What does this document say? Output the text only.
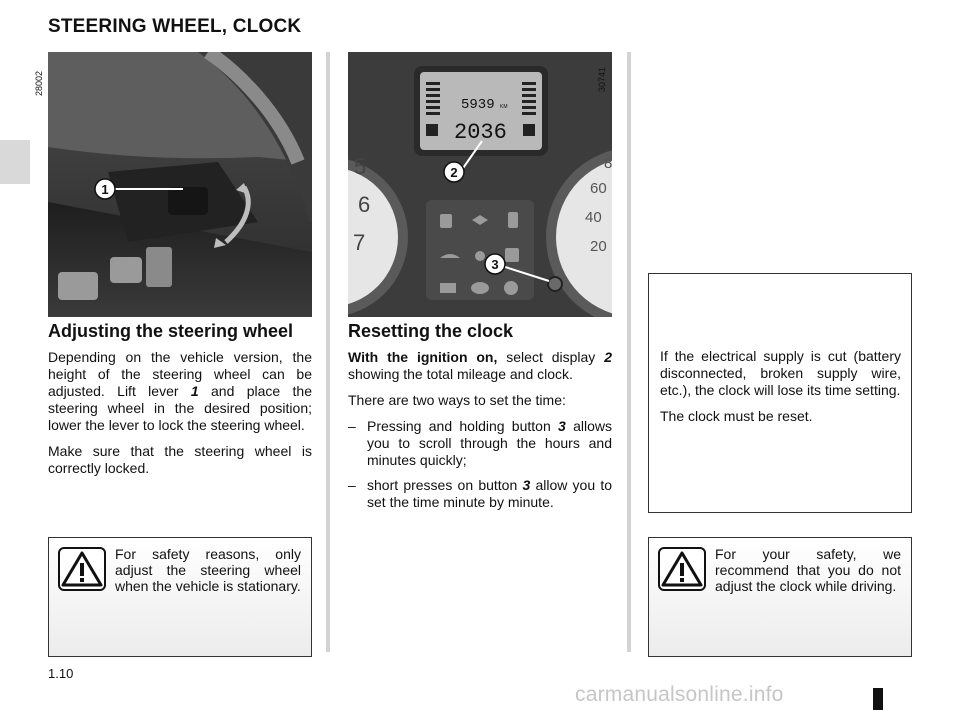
STEERING WHEEL, CLOCK
1
28002
5
6
7
8
60
40
20
5939 KM
2036
2
3
30741
Adjusting the steering wheel

Depending on the vehicle version, the height of the steering wheel can be adjusted. Lift lever 1 and place the steering wheel in the desired position; lower the lever to lock the steering wheel.

Make sure that the steering wheel is correctly locked.

Resetting the clock

With the ignition on, select display 2 showing the total mileage and clock.

There are two ways to set the time:

– Pressing and holding button 3 allows you to scroll through the hours and minutes quickly;
– short presses on button 3 allow you to set the time minute by minute.

If the electrical supply is cut (battery disconnected, broken supply wire, etc.), the clock will lose its time setting.

The clock must be reset.

For safety reasons, only adjust the steering wheel when the vehicle is stationary.
For your safety, we recommend that you do not adjust the clock while driving.
1.10
carmanualsonline.info
